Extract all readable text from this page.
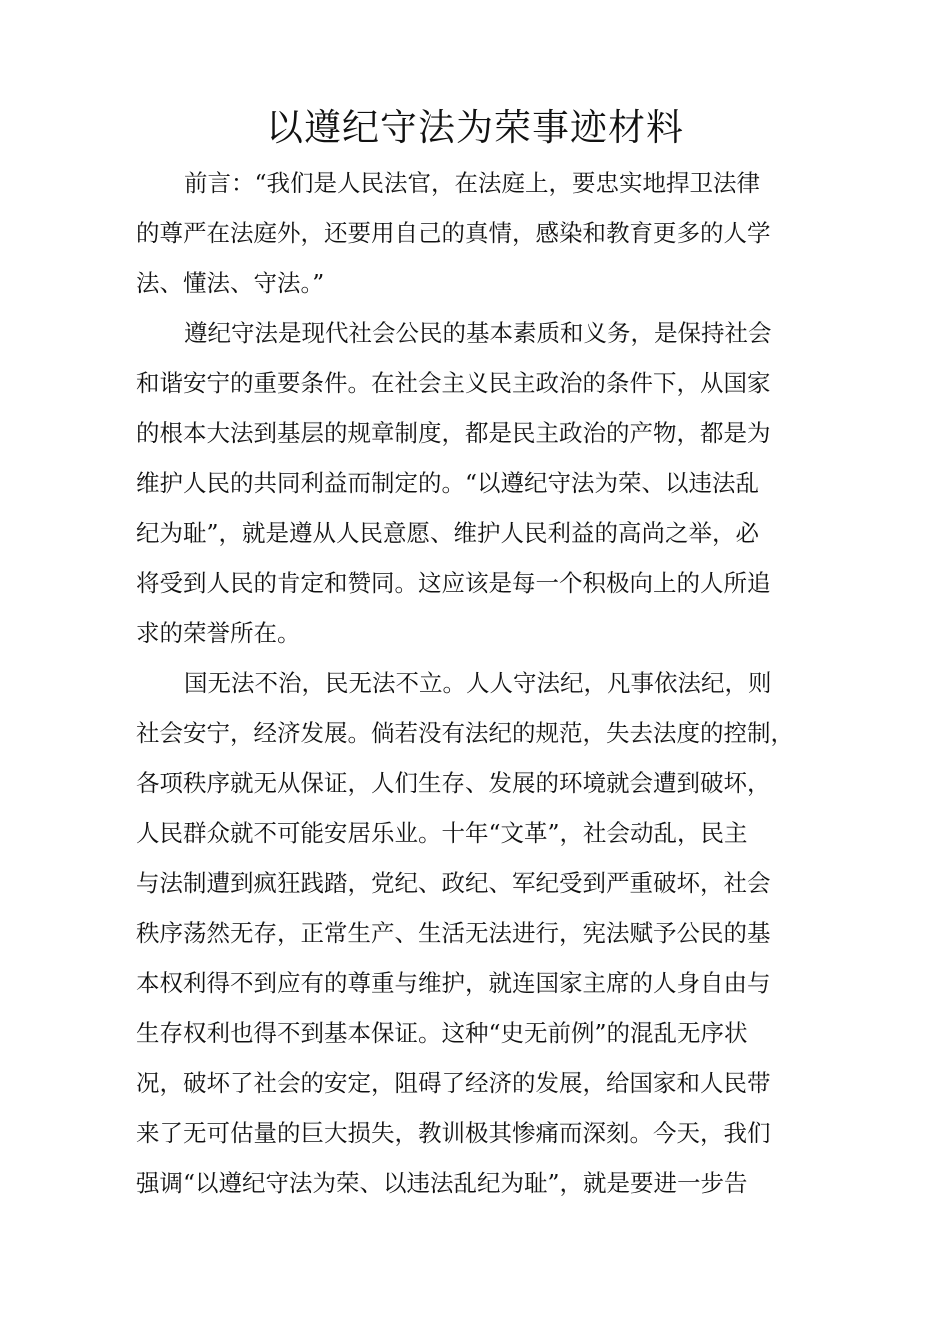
以遵纪守法为荣事迹材料
前言：“我们是人民法官，在法庭上，要忠实地捍卫法律
的尊严在法庭外，还要用自己的真情，感染和教育更多的人学
法、懂法、守法。”
遵纪守法是现代社会公民的基本素质和义务，是保持社会
和谐安宁的重要条件。在社会主义民主政治的条件下，从国家
的根本大法到基层的规章制度，都是民主政治的产物，都是为
维护人民的共同利益而制定的。“以遵纪守法为荣、以违法乱
纪为耻”，就是遵从人民意愿、维护人民利益的高尚之举，必
将受到人民的肯定和赞同。这应该是每一个积极向上的人所追
求的荣誉所在。
国无法不治，民无法不立。人人守法纪，凡事依法纪，则
社会安宁，经济发展。倘若没有法纪的规范，失去法度的控制，
各项秩序就无从保证，人们生存、发展的环境就会遭到破坏，
人民群众就不可能安居乐业。十年“文革”，社会动乱，民主
与法制遭到疯狂践踏，党纪、政纪、军纪受到严重破坏，社会
秩序荡然无存，正常生产、生活无法进行，宪法赋予公民的基
本权利得不到应有的尊重与维护，就连国家主席的人身自由与
生存权利也得不到基本保证。这种“史无前例”的混乱无序状
况，破坏了社会的安定，阻碍了经济的发展，给国家和人民带
来了无可估量的巨大损失，教训极其惨痛而深刻。今天，我们
强调“以遵纪守法为荣、以违法乱纪为耻”，就是要进一步告
